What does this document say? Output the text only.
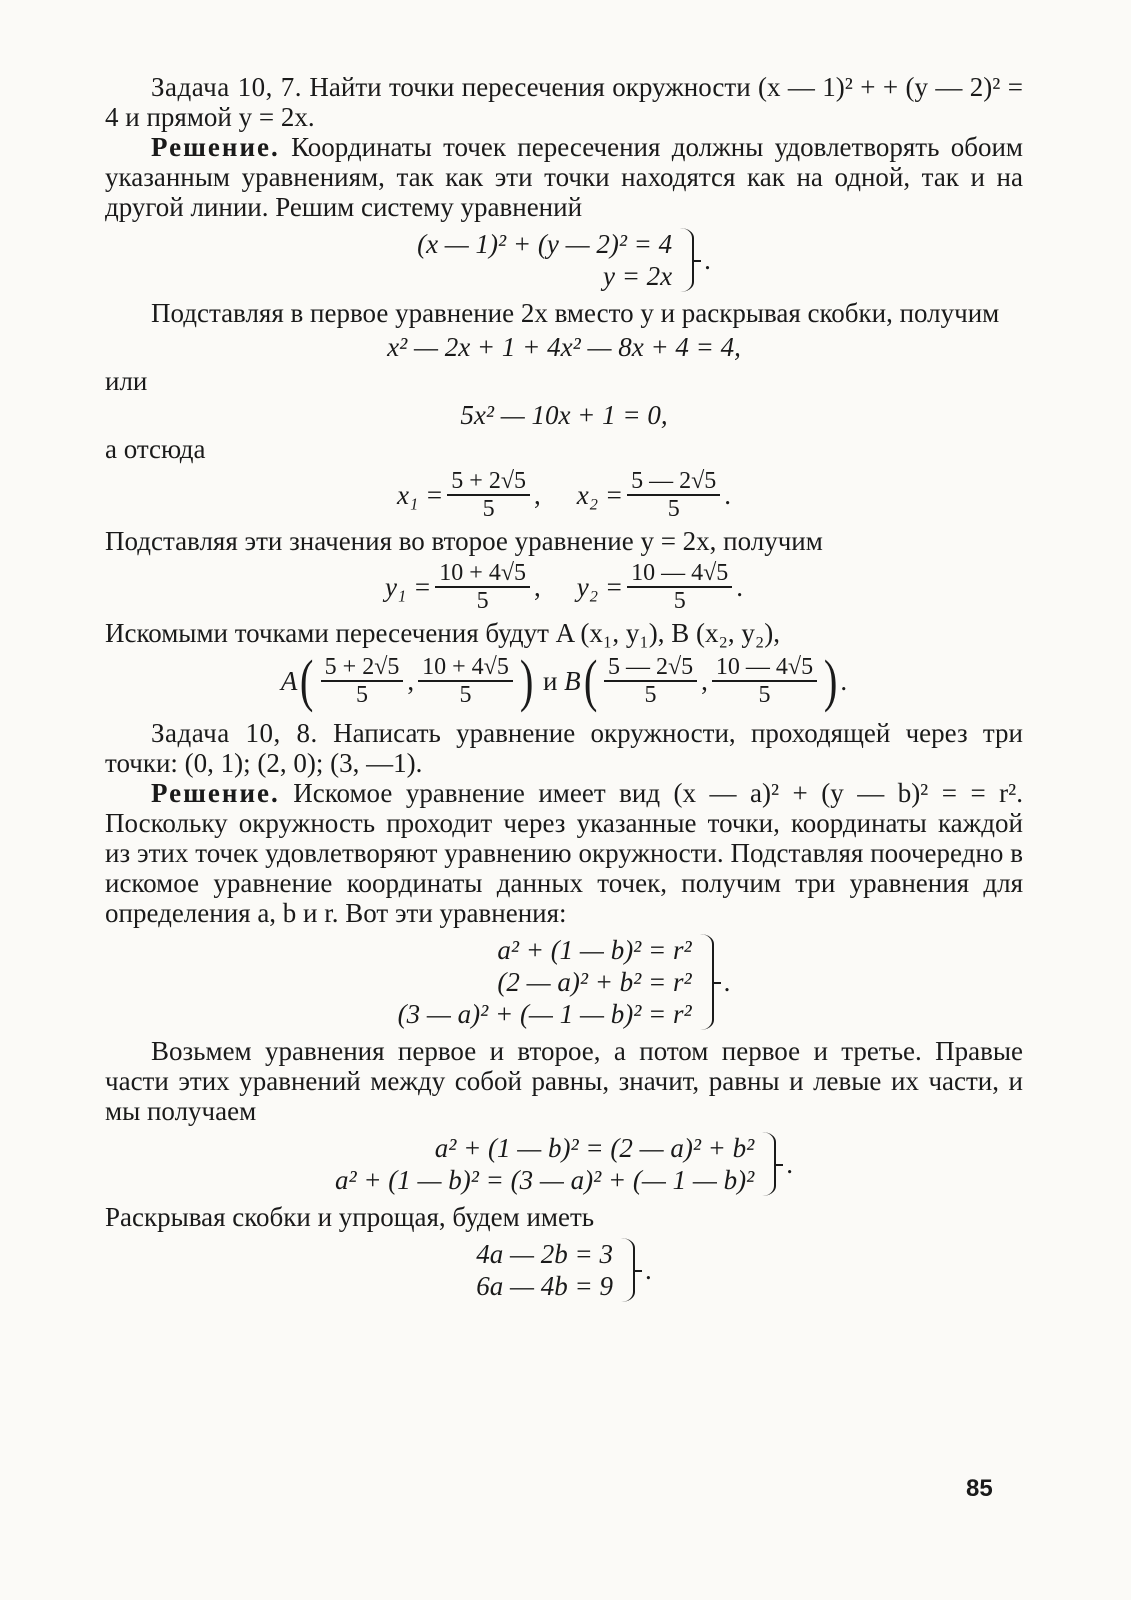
Задача 10, 7. Найти точки пересечения окружности (x — 1)² + + (y — 2)² = 4 и прямой y = 2x.

Решение. Координаты точек пересечения должны удовлетворять обоим указанным уравнениям, так как эти точки находятся как на одной, так и на другой линии. Решим систему уравнений

(x — 1)² + (y — 2)² = 4
y = 2x
.

Подставляя в первое уравнение 2x вместо y и раскрывая скобки, получим

x² — 2x + 1 + 4x² — 8x + 4 = 4,

или

5x² — 10x + 1 = 0,

а отсюда

$x_1 = \frac{5 + 2√5}{5}$ , $x_2 = \frac{5 — 2√5}{5}$ .

Подставляя эти значения во второе уравнение y = 2x, получим

$y_1 = \frac{10 + 4√5}{5}$ , $y_2 = \frac{10 — 4√5}{5}$ .

Искомыми точками пересечения будут A (x₁, y₁), B (x₂, y₂),

A ( $\frac{5 + 2√5}{5}$ , $\frac{10 + 4√5}{5}$ )
и
B ( $\frac{5 — 2√5}{5}$ , $\frac{10 — 4√5}{5}$ ) .

Задача 10, 8. Написать уравнение окружности, проходящей через три точки: (0, 1); (2, 0); (3, —1).

Решение. Искомое уравнение имеет вид (x — a)² + (y — b)² = = r². Поскольку окружность проходит через указанные точки, координаты каждой из этих точек удовлетворяют уравнению окружности. Подставляя поочередно в искомое уравнение координаты данных точек, получим три уравнения для определения a, b и r. Вот эти уравнения:

a² + (1 — b)² = r²
(2 — a)² + b² = r²
(3 — a)² + (— 1 — b)² = r²
.

Возьмем уравнения первое и второе, а потом первое и третье. Правые части этих уравнений между собой равны, значит, равны и левые их части, и мы получаем

a² + (1 — b)² = (2 — a)² + b²
a² + (1 — b)² = (3 — a)² + (— 1 — b)²
.

Раскрывая скобки и упрощая, будем иметь

4a — 2b = 3
6a — 4b = 9
.
85
